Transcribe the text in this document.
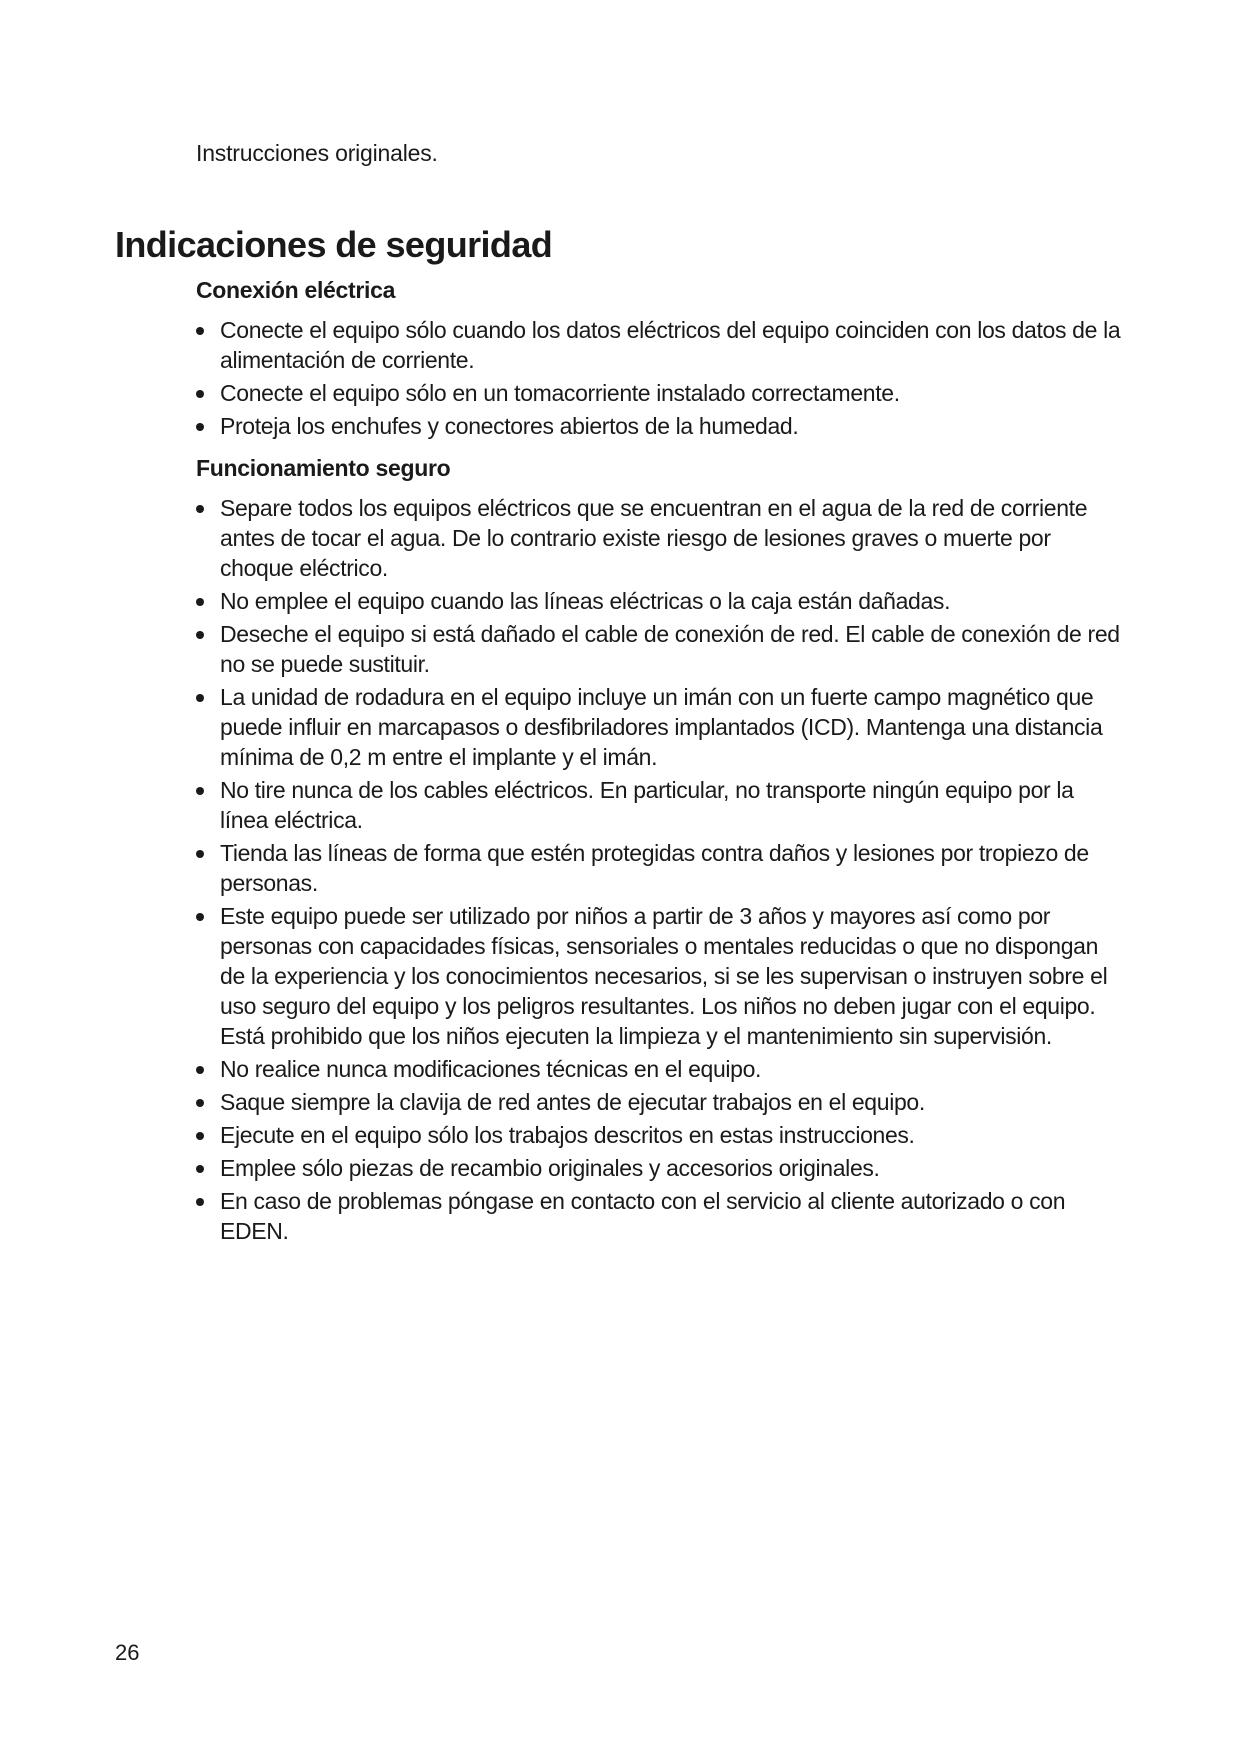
Instrucciones originales.
Indicaciones de seguridad
Conexión eléctrica
Conecte el equipo sólo cuando los datos eléctricos del equipo coinciden con los datos de la alimentación de corriente.
Conecte el equipo sólo en un tomacorriente instalado correctamente.
Proteja los enchufes y conectores abiertos de la humedad.
Funcionamiento seguro
Separe todos los equipos eléctricos que se encuentran en el agua de la red de corriente antes de tocar el agua. De lo contrario existe riesgo de lesiones graves o muerte por choque eléctrico.
No emplee el equipo cuando las líneas eléctricas o la caja están dañadas.
Deseche el equipo si está dañado el cable de conexión de red. El cable de conexión de red no se puede sustituir.
La unidad de rodadura en el equipo incluye un imán con un fuerte campo magnético que puede influir en marcapasos o desfibriladores implantados (ICD). Mantenga una distancia mínima de 0,2 m entre el implante y el imán.
No tire nunca de los cables eléctricos. En particular, no transporte ningún equipo por la línea eléctrica.
Tienda las líneas de forma que estén protegidas contra daños y lesiones por tropiezo de personas.
Este equipo puede ser utilizado por niños a partir de 3 años y mayores así como por personas con capacidades físicas, sensoriales o mentales reducidas o que no dispongan de la experiencia y los conocimientos necesarios, si se les supervisan o instruyen sobre el uso seguro del equipo y los peligros resultantes. Los niños no deben jugar con el equipo. Está prohibido que los niños ejecuten la limpieza y el mantenimiento sin supervisión.
No realice nunca modificaciones técnicas en el equipo.
Saque siempre la clavija de red antes de ejecutar trabajos en el equipo.
Ejecute en el equipo sólo los trabajos descritos en estas instrucciones.
Emplee sólo piezas de recambio originales y accesorios originales.
En caso de problemas póngase en contacto con el servicio al cliente autorizado o con EDEN.
26
